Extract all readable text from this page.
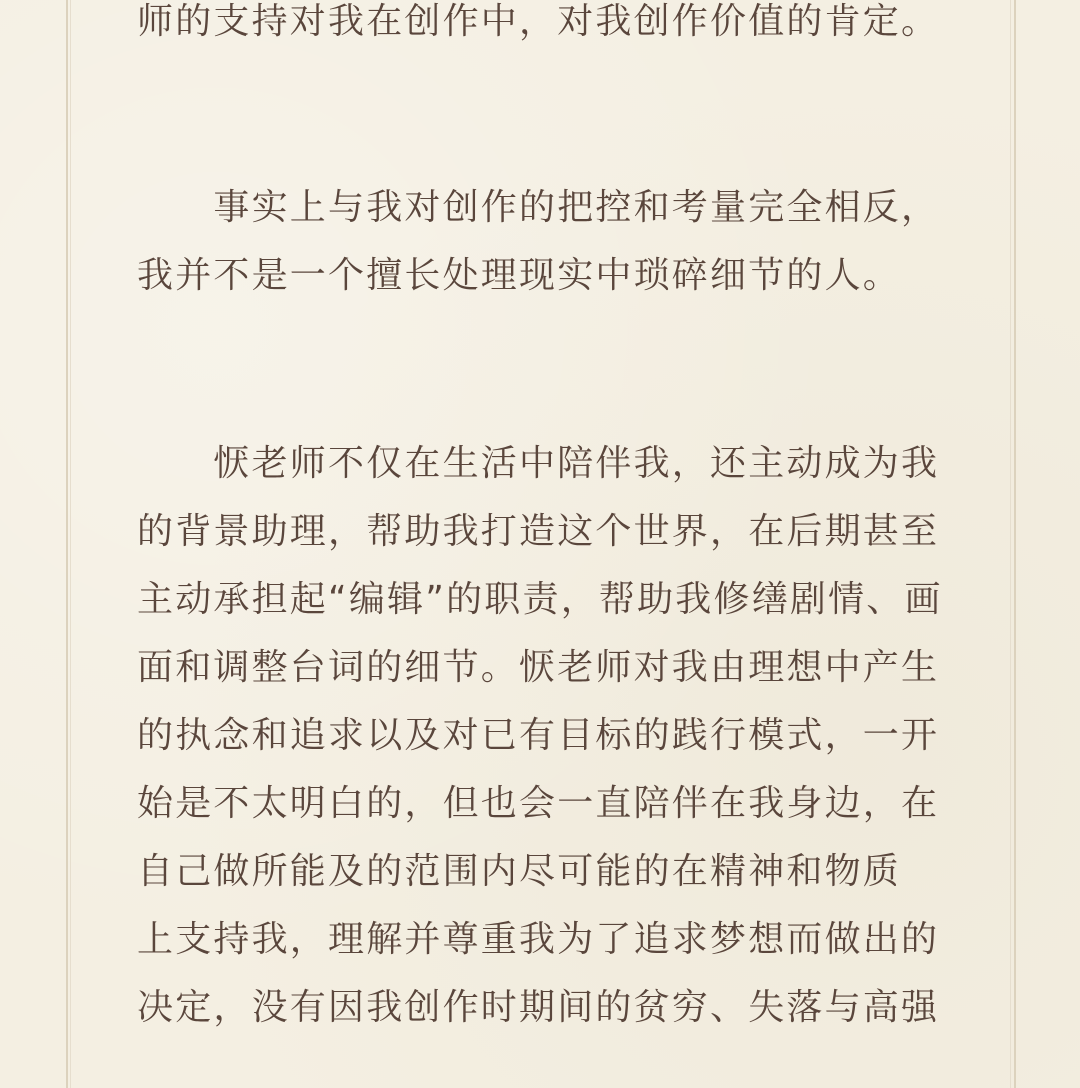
师的支持对我在创作中，对我创作价值的肯定。
　　事实上与我对创作的把控和考量完全相反，
我并不是一个擅长处理现实中琐碎细节的人。
　　恹老师不仅在生活中陪伴我，还主动成为我
的背景助理，帮助我打造这个世界，在后期甚至
主动承担起“编辑”的职责，帮助我修缮剧情、画
面和调整台词的细节。恹老师对我由理想中产生
的执念和追求以及对已有目标的践行模式，一开
始是不太明白的，但也会一直陪伴在我身边，在
自己做所能及的范围内尽可能的在精神和物质
上支持我，理解并尊重我为了追求梦想而做出的
决定，没有因我创作时期间的贫穷、失落与高强
